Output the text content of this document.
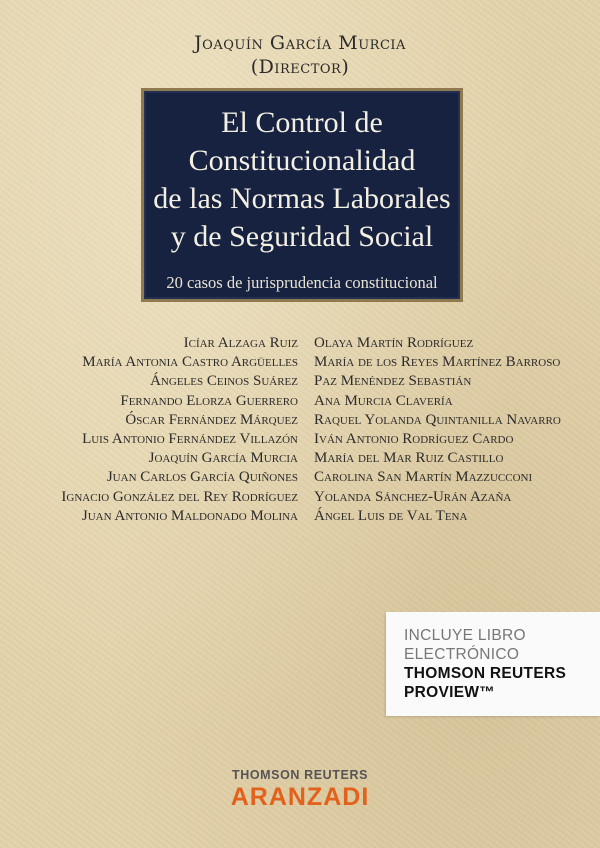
Joaquín García Murcia
(Director)
El Control de
Constitucionalidad
de las Normas Laborales
y de Seguridad Social
20 casos de jurisprudencia constitucional
Icíar Alzaga Ruiz
María Antonia Castro Argüelles
Ángeles Ceinos Suárez
Fernando Elorza Guerrero
Óscar Fernández Márquez
Luis Antonio Fernández Villazón
Joaquín García Murcia
Juan Carlos García Quiñones
Ignacio González del Rey Rodríguez
Juan Antonio Maldonado Molina
Olaya Martín Rodríguez
María de los Reyes Martínez Barroso
Paz Menéndez Sebastián
Ana Murcia Clavería
Raquel Yolanda Quintanilla Navarro
Iván Antonio Rodríguez Cardo
María del Mar Ruiz Castillo
Carolina San Martín Mazzucconi
Yolanda Sánchez-Urán Azaña
Ángel Luis de Val Tena
INCLUYE LIBRO
ELECTRÓNICO
THOMSON REUTERS
PROVIEW™
THOMSON REUTERS
ARANZADI
